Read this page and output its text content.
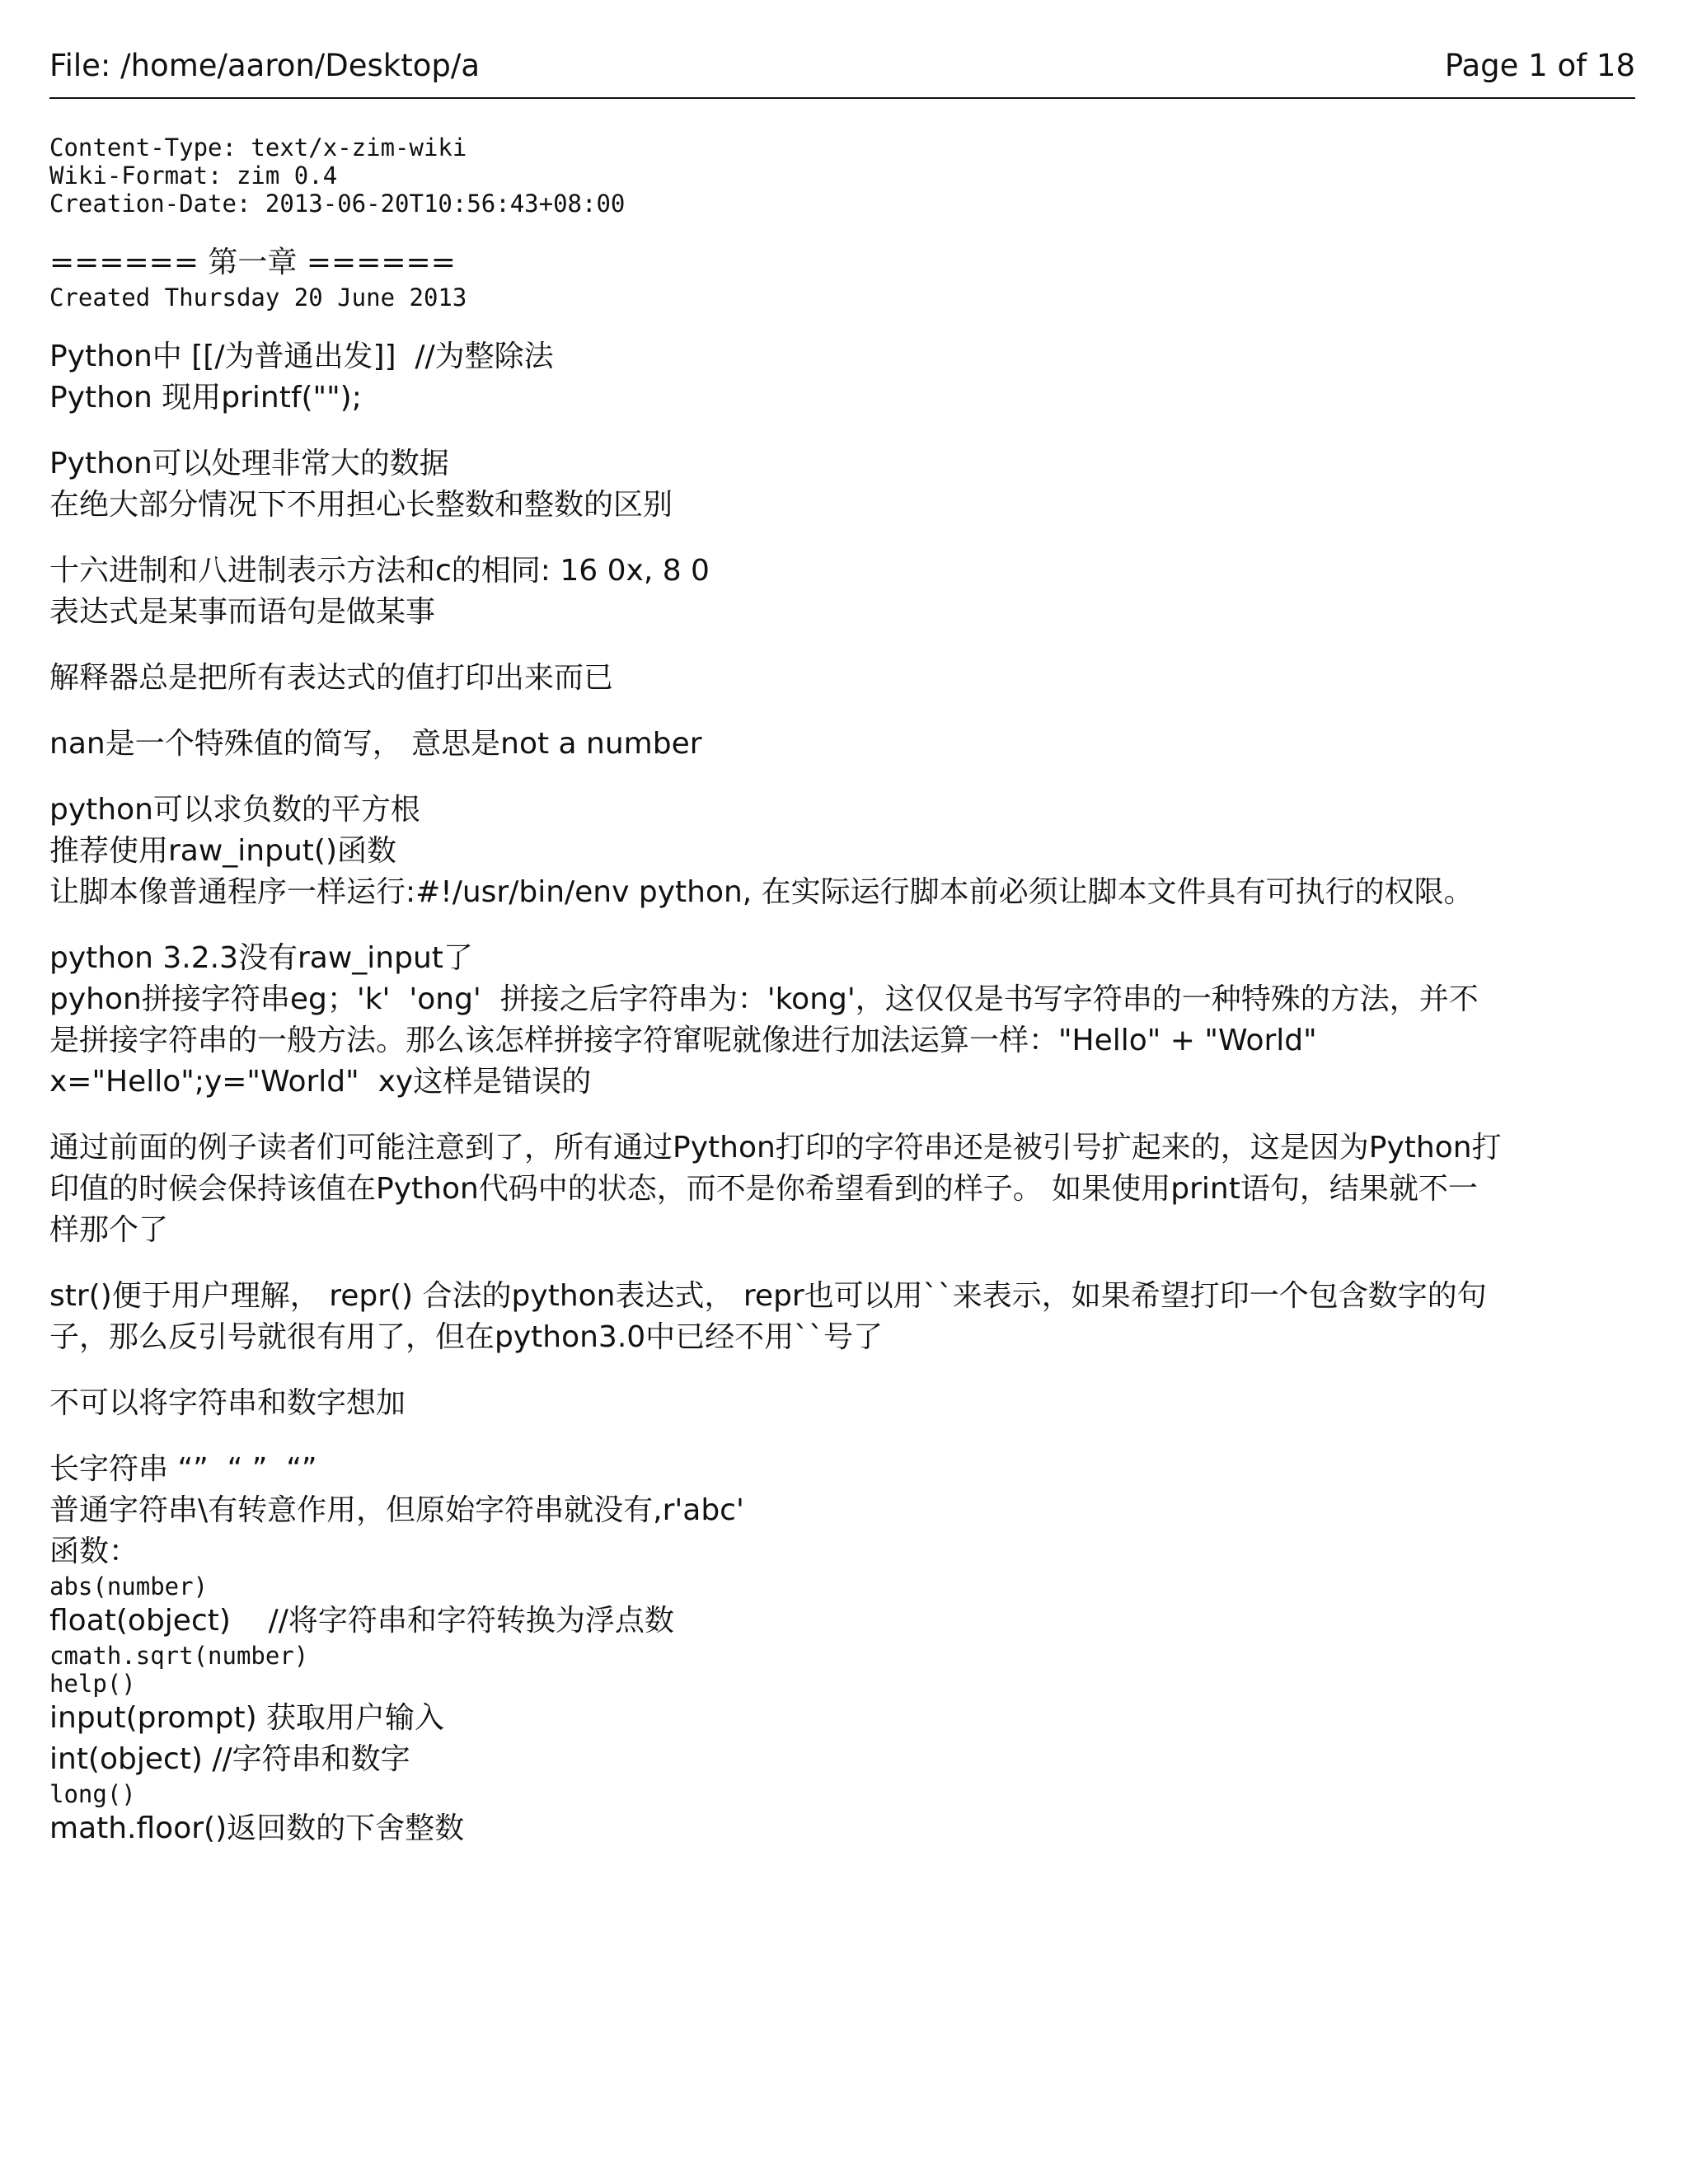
File: /home/aaron/Desktop/a	Page 1 of 18
Content-Type: text/x-zim-wiki
Wiki-Format: zim 0.4
Creation-Date: 2013-06-20T10:56:43+08:00
====== 第一章 ======
Created Thursday 20 June 2013
Python中 [[/为普通出发]]  //为整除法
Python 现用printf("");
Python可以处理非常大的数据
在绝大部分情况下不用担心长整数和整数的区别
十六进制和八进制表示方法和c的相同: 16 0x, 8 0
表达式是某事而语句是做某事
解释器总是把所有表达式的值打印出来而已
nan是一个特殊值的简写， 意思是not a number
python可以求负数的平方根
推荐使用raw_input()函数
让脚本像普通程序一样运行:#!/usr/bin/env python, 在实际运行脚本前必须让脚本文件具有可执行的权限。
python 3.2.3没有raw_input了
pyhon拼接字符串eg；'k'  'ong'  拼接之后字符串为：'kong'，这仅仅是书写字符串的一种特殊的方法，并不
是拼接字符串的一般方法。那么该怎样拼接字符窜呢就像进行加法运算一样："Hello" + "World"
x="Hello";y="World"  xy这样是错误的
通过前面的例子读者们可能注意到了，所有通过Python打印的字符串还是被引号扩起来的，这是因为Python打
印值的时候会保持该值在Python代码中的状态，而不是你希望看到的样子。 如果使用print语句，结果就不一
样那个了
str()便于用户理解， repr() 合法的python表达式， repr也可以用``来表示，如果希望打印一个包含数字的句
子，那么反引号就很有用了，但在python3.0中已经不用``号了
不可以将字符串和数字想加
长字符串 “”  “ ”  “”
普通字符串\有转意作用，但原始字符串就没有,r'abc'
函数：
abs(number)
float(object)    //将字符串和字符转换为浮点数
cmath.sqrt(number)
help()
input(prompt) 获取用户输入
int(object) //字符串和数字
long()
math.floor()返回数的下舍整数
